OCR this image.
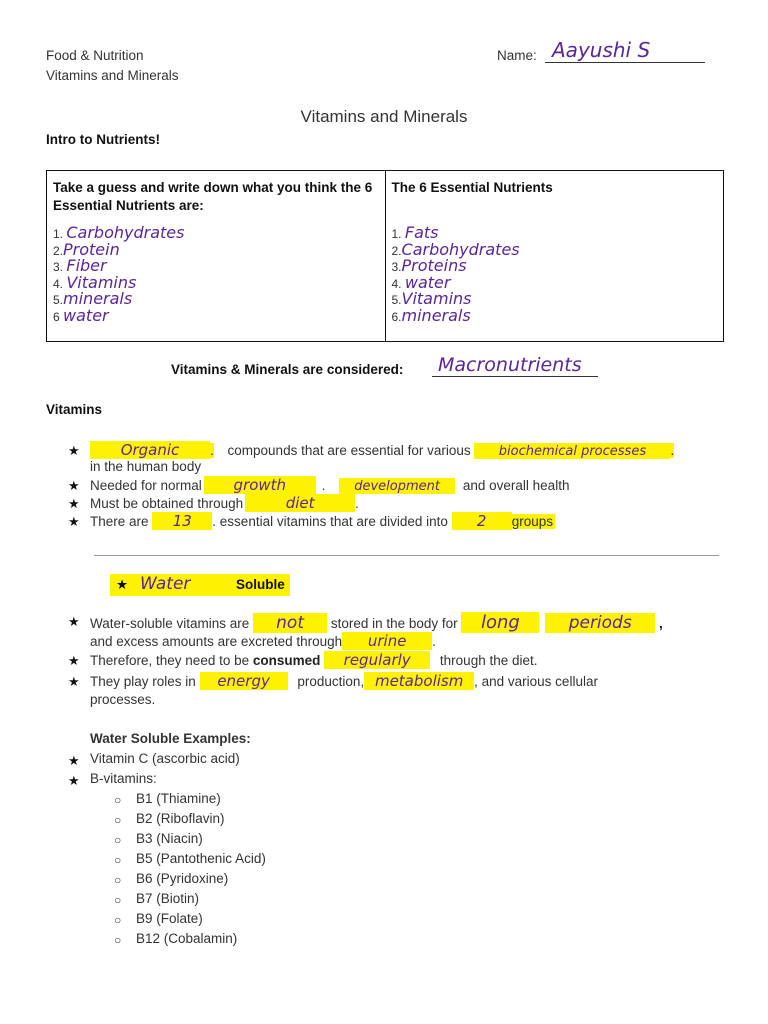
Food & Nutrition
Vitamins and Minerals
Name: Aayushi S
Vitamins and Minerals
Intro to Nutrients!
Take a guess and write down what you think the 6 Essential Nutrients are:
1. Carbohydrates
2.Protein
3. Fiber
4. Vitamins
5.minerals
6 water

The 6 Essential Nutrients
1. Fats
2.Carbohydrates
3.Proteins
4. water
5.Vitamins
6.minerals
Vitamins & Minerals are considered: Macronutrients
Vitamins
★	Organic . compounds that are essential for various biochemical processes .
in the human body
★ Needed for normal growth	. development and overall health
★ Must be obtained through	diet	.
★ There are 13 . essential vitamins that are divided into 2 groups
★ Water	Soluble
★ Water-soluble vitamins are not stored in the body for long	periods ,
and excess amounts are excreted through urine .
★ Therefore, they need to be consumed regularly through the diet.
★ They play roles in energy production, metabolism , and various cellular
processes.
Water Soluble Examples:
★ Vitamin C (ascorbic acid)
★ B-vitamins:
○ B1 (Thiamine)
○ B2 (Riboflavin)
○ B3 (Niacin)
○ B5 (Pantothenic Acid)
○ B6 (Pyridoxine)
○ B7 (Biotin)
○ B9 (Folate)
○ B12 (Cobalamin)
